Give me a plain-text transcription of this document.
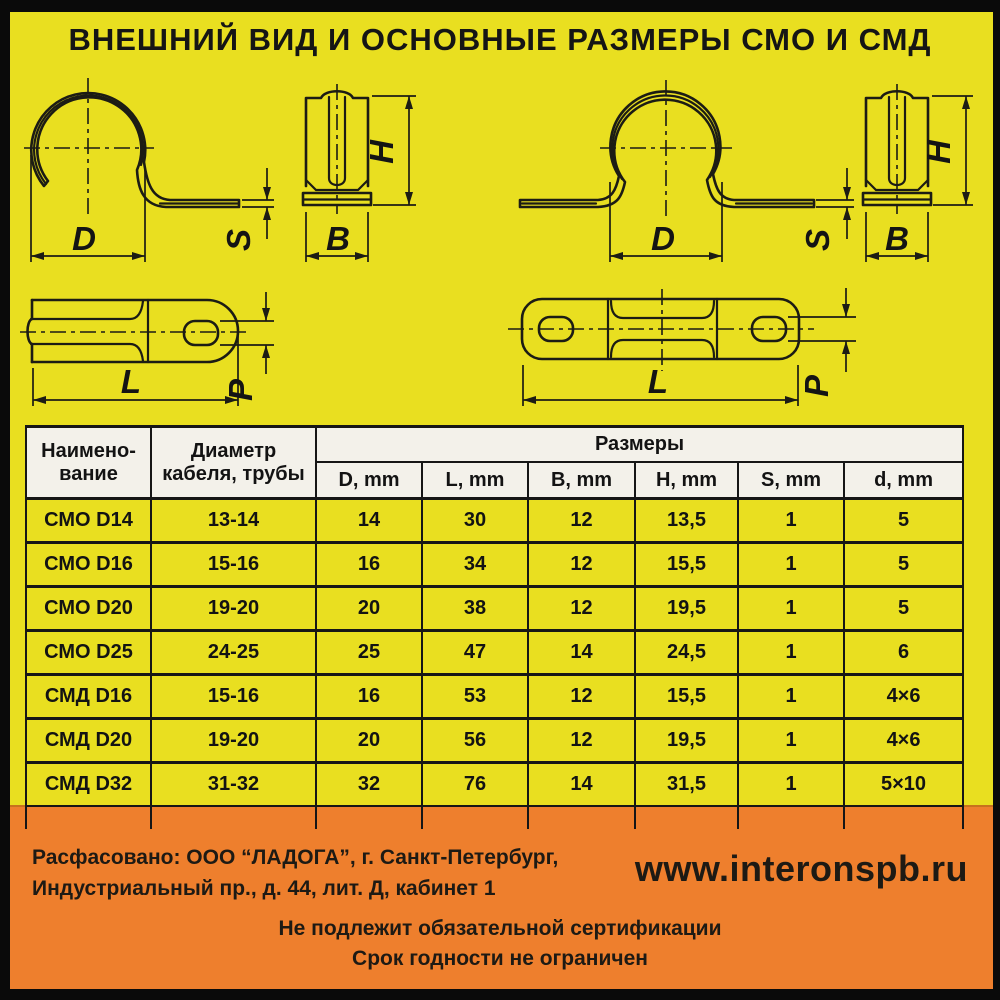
ВНЕШНИЙ ВИД И ОСНОВНЫЕ РАЗМЕРЫ СМО И СМД
D	S
H
B	D	S
H
B
L P	L	P
Наимено-
вание

Диаметр
кабеля, трубы
	Размеры
		D, mm	L, mm	B, mm	H, mm	S, mm	d, mm
СМО D14	13-14	14	30	12	13,5	1	5
СМО D16	15-16	16	34	12	15,5	1	5
СМО D20	19-20	20	38	12	19,5	1	5
СМО D25	24-25	25	47	14	24,5	1	6
СМД D16	15-16	16	53	12	15,5	1	4×6
СМД D20	19-20	20	56	12	19,5	1	4×6
СМД D32	31-32	32	76	14	31,5	1	5×10

Расфасовано: ООО “ЛАДОГА”, г. Санкт-Петербург,
Индустриальный пр., д. 44, лит. Д, кабинет 1	www.interonspb.ru
Не подлежит обязательной сертификации
Срок годности не ограничен
